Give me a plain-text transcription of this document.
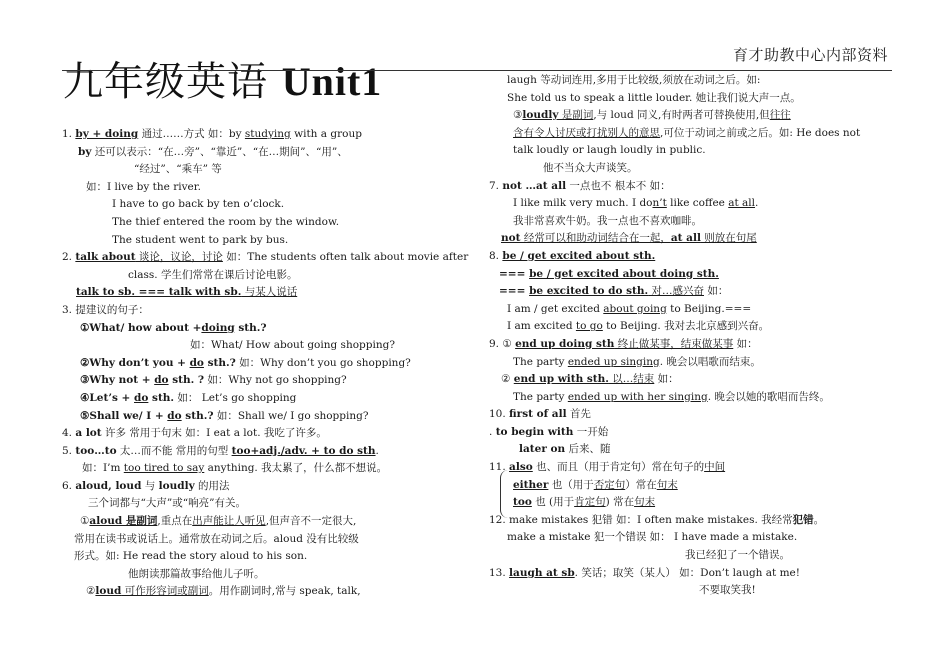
育才助教中心内部资料
九年级英语 Unit1
1. by + doing 通过……方式 如：by studying with a group
by 还可以表示：“在…旁”、“靠近”、“在…期间”、“用”、
“经过”、“乘车” 等
如：I live by the river.
I have to go back by ten o’clock.
The thief entered the room by the window.
The student went to park by bus.
2. talk about 谈论，议论，讨论 如：The students often talk about movie after
class. 学生们常常在课后讨论电影。
talk to sb. === talk with sb. 与某人说话
3. 提建议的句子：
①What/ how about +doing sth.?
如：What/ How about going shopping?
②Why don’t you + do sth.? 如：Why don’t you go shopping?
③Why not + do sth. ? 如：Why not go shopping?
④Let’s + do sth. 如： Let’s go shopping
⑤Shall we/ I + do sth.? 如：Shall we/ I go shopping?
4. a lot 许多 常用于句末 如：I eat a lot. 我吃了许多。
5. too…to 太…而不能 常用的句型 too+adj./adv. + to do sth.
如：I’m too tired to say anything. 我太累了，什么都不想说。
6. aloud, loud 与 loudly 的用法
三个词都与“大声”或“响亮”有关。
①aloud 是副词,重点在出声能让人听见,但声音不一定很大,
常用在读书或说话上。通常放在动词之后。aloud 没有比较级
形式。如: He read the story aloud to his son.
他朗读那篇故事给他儿子听。
②loud 可作形容词或副词。用作副词时,常与 speak, talk,
laugh 等动词连用,多用于比较级,须放在动词之后。如:
She told us to speak a little louder. 她让我们说大声一点。
③loudly 是副词,与 loud 同义,有时两者可替换使用,但往往
含有令人讨厌或打扰别人的意思,可位于动词之前或之后。如: He does not
talk loudly or laugh loudly in public.
他不当众大声谈笑。
7. not …at all 一点也不 根本不 如：
I like milk very much. I don’t like coffee at all.
我非常喜欢牛奶。我一点也不喜欢咖啡。
not 经常可以和助动词结合在一起，at all 则放在句尾
8. be / get excited about sth.
=== be / get excited about doing sth.
=== be excited to do sth. 对…感兴奋 如：
I am / get excited about going to Beijing.===
I am excited to go to Beijing. 我对去北京感到兴奋。
9. ① end up doing sth 终止做某事，结束做某事 如：
The party ended up singing. 晚会以唱歌而结束。
② end up with sth. 以…结束 如：
The party ended up with her singing. 晚会以她的歌唱而告终。
10. first of all 首先
. to begin with 一开始
later on 后来、随
11. also 也、而且（用于肯定句）常在句子的中间
either 也（用于否定句）常在句末
too 也 (用于肯定句) 常在句末
12. make mistakes 犯错 如：I often make mistakes. 我经常犯错。
make a mistake 犯一个错误 如： I have made a mistake.
我已经犯了一个错误。
13. laugh at sb. 笑话；取笑（某人） 如：Don’t laugh at me!
不要取笑我!
